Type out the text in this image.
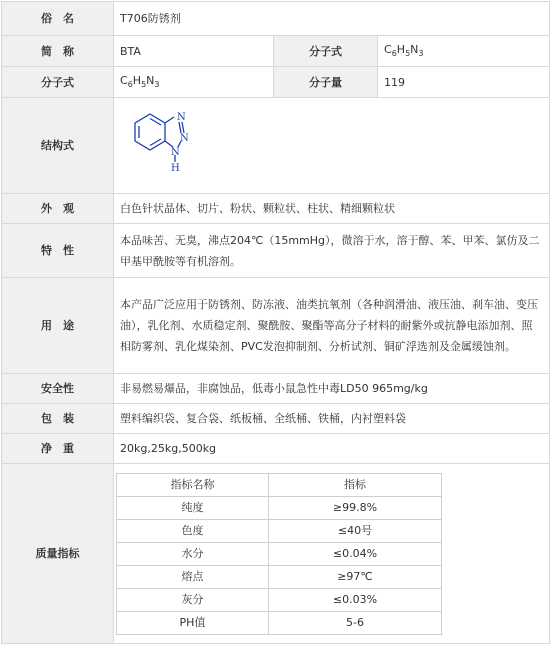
俗　名	T706防锈剂
简　称	BTA	分子式	$C_6H_5N_3$
分子式	$C_6H_5N_3$	分子量	119
结构式	
N
N
N
H

外　观	白色针状晶体、切片、粉状、颗粒状、柱状、精细颗粒状
特　性	本品味苦、无臭，沸点204℃（15mmHg），微溶于水，溶于醇、苯、甲苯、氯仿及二甲基甲酰胺等有机溶剂。
用　途	本产品广泛应用于防锈剂、防冻液、油类抗氧剂（各种润滑油、液压油、刹车油、变压油），乳化剂、水质稳定剂、聚酰胺、聚酯等高分子材料的耐紫外或抗静电添加剂、照相防雾剂、乳化煤染剂、PVC发泡抑制剂、分析试剂、铜矿浮选剂及金属缓蚀剂。
安全性	非易燃易爆品，非腐蚀品，低毒小鼠急性中毒LD50 965mg/kg
包　装	塑料编织袋、复合袋、纸板桶、全纸桶、铁桶，内衬塑料袋
净　重	20kg,25kg,500kg
质量指标	
指标名称	指标
纯度	≥99.8%
色度	≤40号
水分	≤0.04%
熔点	≥97℃
灰分	≤0.03%
PH值	5-6
